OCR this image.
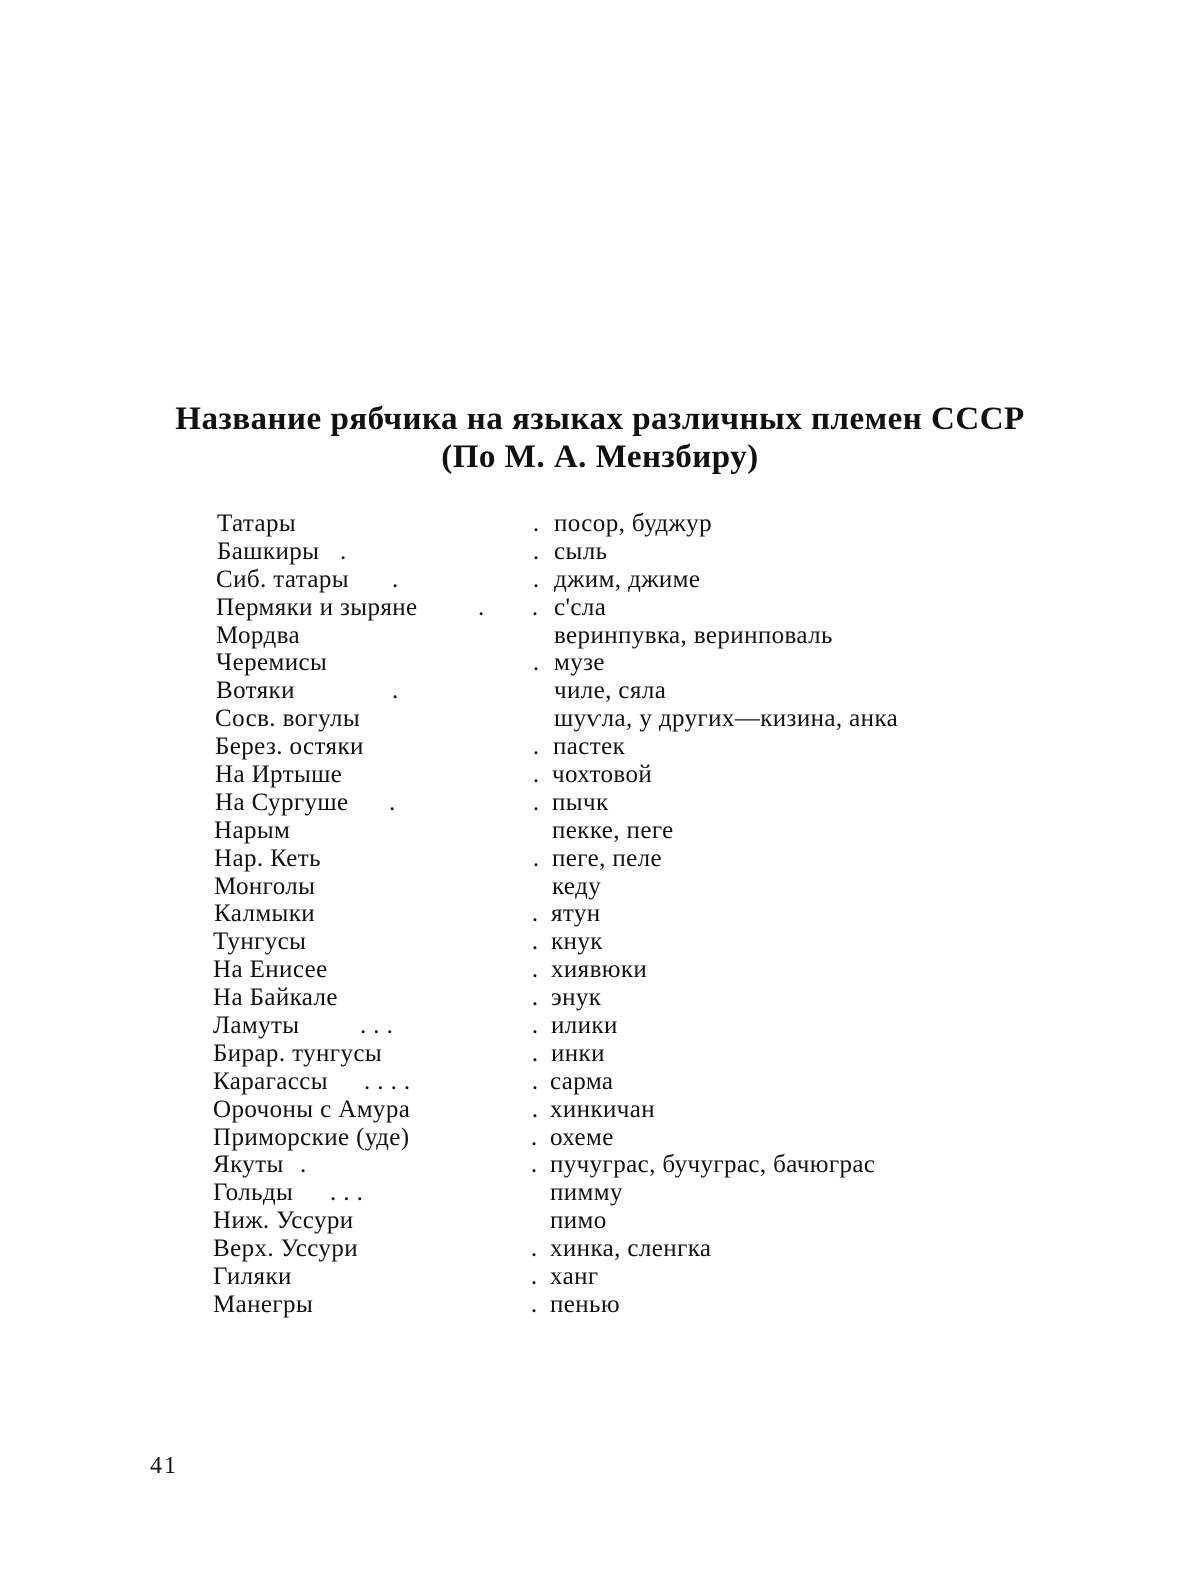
Название рябчика на языках различных племен СССР

(По М. А. Мензбиру)

Татары	. посор, буджур
Башкиры .	. сыль
Сиб. татары .	. джим, джиме
Пермяки и зыряне . . с'сла
Мордва	веринпувка, веринповаль
Черемисы	. музе
Вотяки	.	чиле, сяла
Сосв. вогулы	шуѵла, у других—кизина, анка
Берез. остяки	. пастек
На Иртыше	. чохтовой
На Сургуше .	. пычк
Нарым	пекке, пеге
Нар. Кеть	. пеге, пеле
Монголы	кеду
Калмыки	. ятун
Тунгусы	. кнук
На Енисее	. хиявюки
На Байкале	. энук
Ламуты . . .	. илики
Бирар. тунгусы	. инки
Карагассы . . . .	. сарма
Орочоны с Амура	. хинкичан
Приморские (уде)	. охеме
Якуты .	. пучуграс, бучуграс, бачюграс
Гольды . . .	пимму
Ниж. Уссури	пимо
Верх. Уссури	. хинка, сленгка
Гиляки	. ханг
Манегры	. пенью
41
